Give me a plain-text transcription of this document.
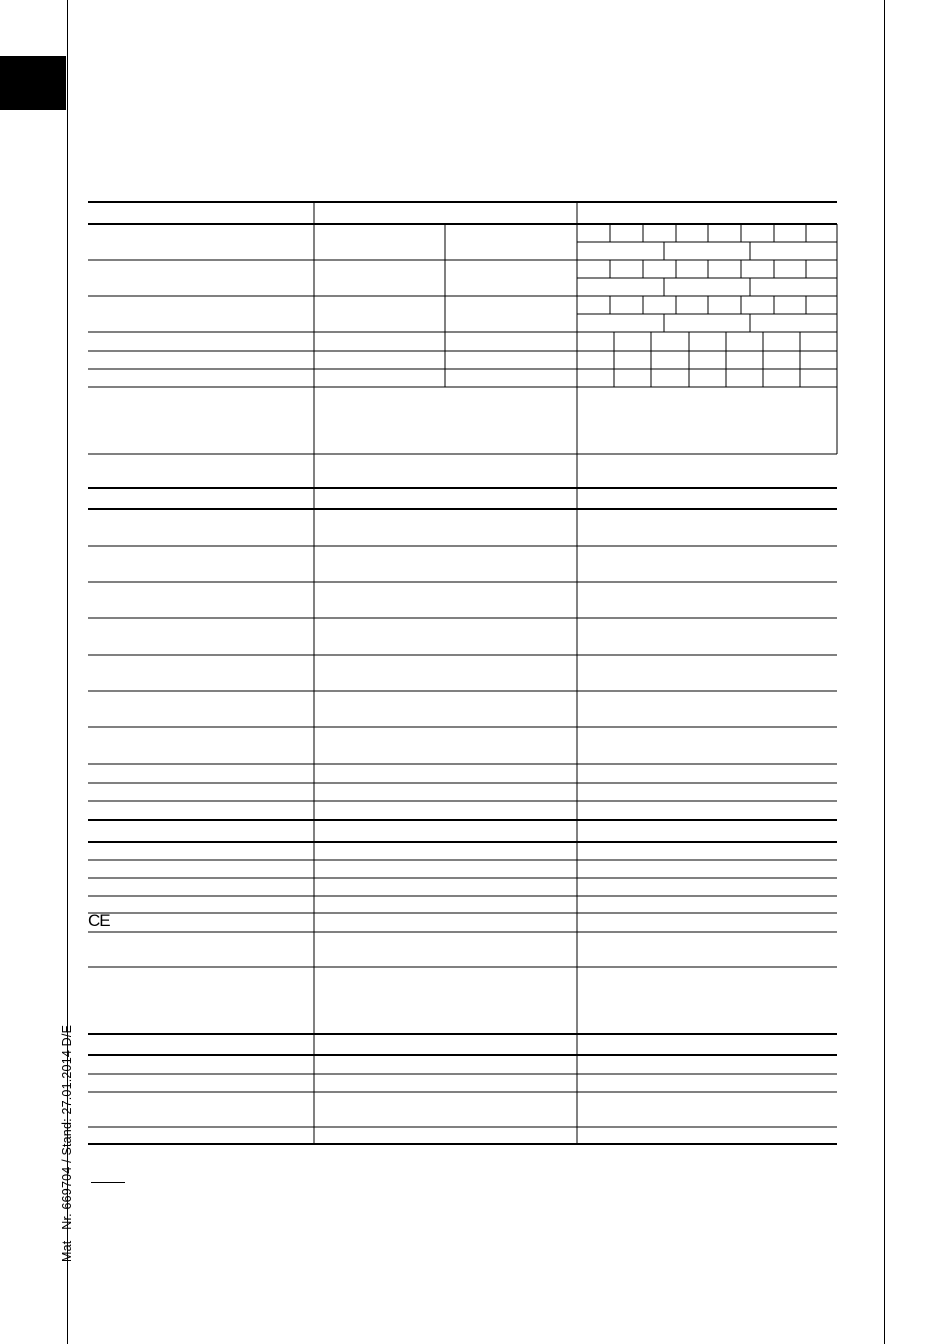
Mat –Nr. 669704 / Stand: 27.01.2014 D/E
CE
